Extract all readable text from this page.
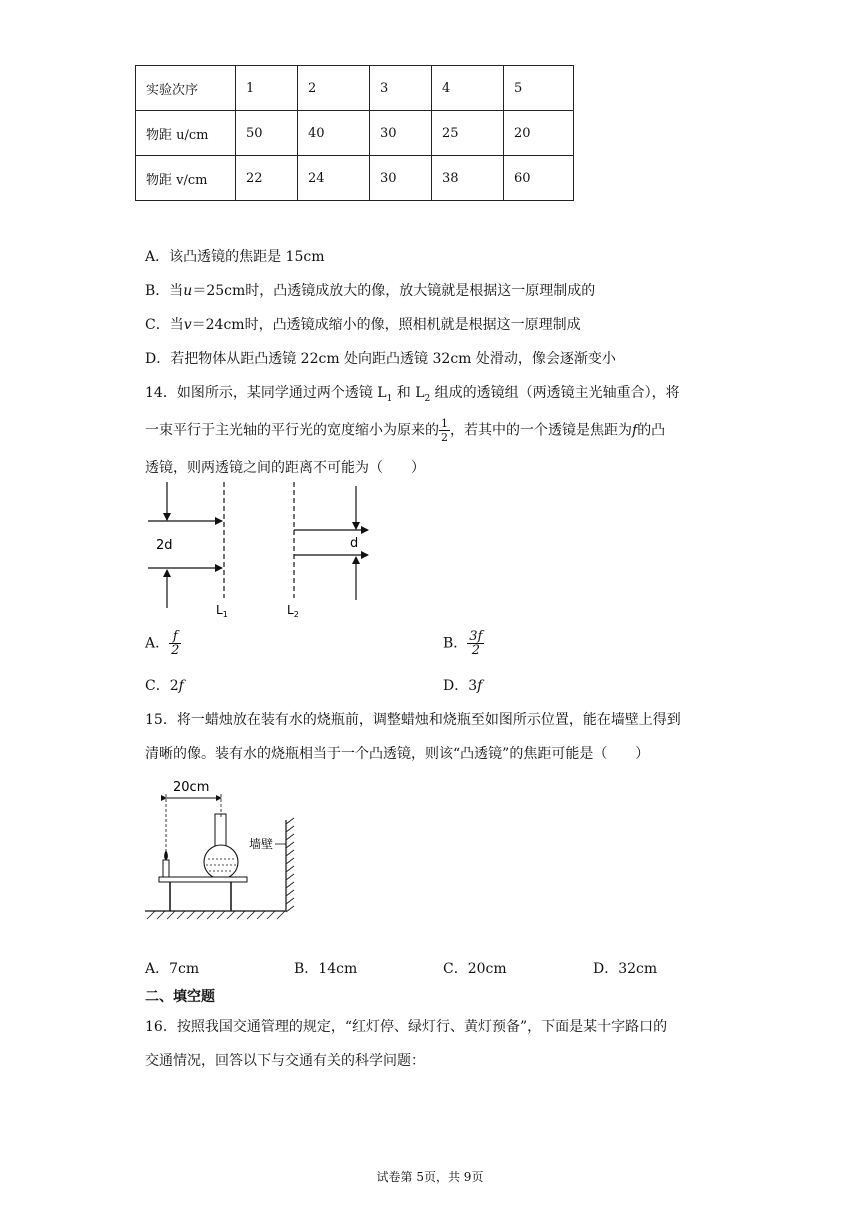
实验次序	1	2	3	4	5
物距 u/cm	50	40	30	25	20
物距 v/cm	22	24	30	38	60
A．该凸透镜的焦距是 15cm
B．当u＝25cm时，凸透镜成放大的像，放大镜就是根据这一原理制成的
C．当v＝24cm时，凸透镜成缩小的像，照相机就是根据这一原理制成
D．若把物体从距凸透镜 22cm 处向距凸透镜 32cm 处滑动，像会逐渐变小
14．如图所示，某同学通过两个透镜 $L_1$ 和 $L_2$ 组成的透镜组（两透镜主光轴重合），将
一束平行于主光轴的平行光的宽度缩小为原来的 $\frac{1}{2}$ ，若其中的一个透镜是焦距为f的凸
透镜，则两透镜之间的距离不可能为（　　）
2d
$L_1$	$L_2$
d
A． $\frac{f}{2}$	B． $\frac{3f}{2}$
C．2f	D．3f
15．将一蜡烛放在装有水的烧瓶前，调整蜡烛和烧瓶至如图所示位置，能在墙壁上得到
清晰的像。装有水的烧瓶相当于一个凸透镜，则该“凸透镜”的焦距可能是（　　）
20cm
墙壁
A．7cm	B．14cm	C．20cm	D．32cm
二、填空题
16．按照我国交通管理的规定，“红灯停、绿灯行、黄灯预备”，下面是某十字路口的
交通情况，回答以下与交通有关的科学问题：
试卷第 5页，共 9页
